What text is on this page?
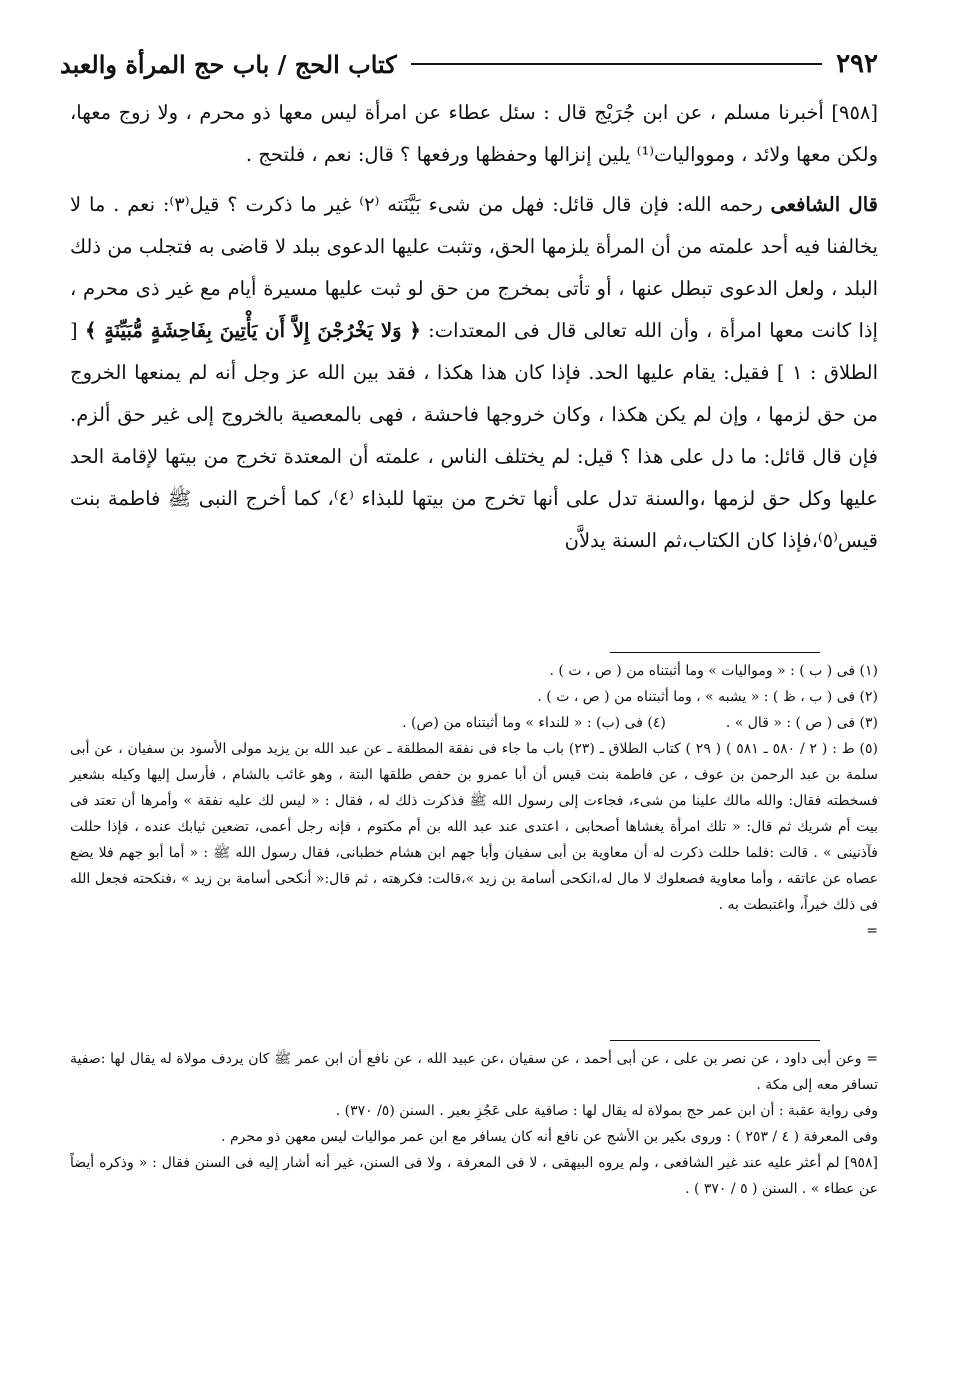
٢٩٢
كتاب الحج / باب حج المرأة والعبد

[٩٥٨] أخبرنا مسلم ، عن ابن جُرَيْج قال : سئل عطاء عن امرأة ليس معها ذو محرم ، ولا زوج معها، ولكن معها ولائد ، وموواليات⁽¹⁾ يلين إنزالها وحفظها ورفعها ؟ قال: نعم ، فلتحج .

قال الشافعى رحمه الله: فإن قال قائل: فهل من شىء بَيَّنَته ⁽٢⁾ غير ما ذكرت ؟ قيل⁽٣⁾: نعم . ما لا يخالفنا فيه أحد علمته من أن المرأة يلزمها الحق، وتثبت عليها الدعوى ببلد لا قاضى به فتجلب من ذلك البلد ، ولعل الدعوى تبطل عنها ، أو تأتى بمخرج من حق لو ثبت عليها مسيرة أيام مع غير ذى محرم ، إذا كانت معها امرأة ، وأن الله تعالى قال فى المعتدات: ﴿ وَلا يَخْرُجْنَ إِلاَّ أَن يَأْتِينَ بِفَاحِشَةٍ مُّبَيِّنَةٍ ﴾ [ الطلاق : ١ ] فقيل: يقام عليها الحد. فإذا كان هذا هكذا ، فقد بين الله عز وجل أنه لم يمنعها الخروج من حق لزمها ، وإن لم يكن هكذا ، وكان خروجها فاحشة ، فهى بالمعصية بالخروج إلى غير حق ألزم. فإن قال قائل: ما دل على هذا ؟ قيل: لم يختلف الناس ، علمته أن المعتدة تخرج من بيتها لإقامة الحد عليها وكل حق لزمها ،والسنة تدل على أنها تخرج من بيتها للبذاء ⁽٤⁾، كما أخرج النبى ﷺ فاطمة بنت قيس⁽٥⁾،فإذا كان الكتاب،ثم السنة يدلاَّن

(١) فى ( ب ) : « ومواليات » وما أثبتناه من ( ص ، ت ) .

(٢) فى ( ب ، ظ ) : « يشبه » ، وما أثبتناه من ( ص ، ت ) .

(٣) فى ( ص ) : « قال » .
(٤) فى (ب) : « للنداء » وما أثبتناه من (ص) .

(٥) ط : ( ٢ / ٥٨٠ ـ ٥٨١ ) ( ٢٩ ) كتاب الطلاق ـ (٢٣) باب ما جاء فى نفقة المطلقة ـ عن عبد الله بن يزيد مولى الأسود بن سفيان ، عن أبى سلمة بن عبد الرحمن بن عوف ، عن فاطمة بنت قيس أن أبا عمرو بن حفص طلقها البتة ، وهو غائب بالشام ، فأرسل إليها وكيله بشعير فسخطته فقال: والله مالك علينا من شىء، فجاءت إلى رسول الله ﷺ فذكرت ذلك له ، فقال : « ليس لك عليه نفقة » وأمرها أن تعتد فى بيت أم شريك ثم قال: « تلك امرأة يغشاها أصحابى ، اعتدى عند عبد الله بن أم مكتوم ، فإنه رجل أعمى، تضعين ثيابك عنده ، فإذا حللت فآذنينى » . قالت :فلما حللت ذكرت له أن معاوية بن أبى سفيان وأبا جهم ابن هشام خطبانى، فقال رسول الله ﷺ : « أما أبو جهم فلا يضع عصاه عن عاتقه ، وأما معاوية فصعلوك لا مال له،انكحى أسامة بن زيد »،قالت: فكرهته ، ثم قال:« أنكحى أسامة بن زيد » ،فنكحته فجعل الله فى ذلك خيراً، واغتبطت به .

=

= وعن أبى داود ، عن نصر بن على ، عن أبى أحمد ، عن سفيان ،عن عبيد الله ، عن نافع أن ابن عمر ﷺ كان يردف مولاة له يقال لها :صفية تسافر معه إلى مكة .

وفى رواية عقبة : أن ابن عمر حج بمولاة له يقال لها : صافية على عَجُزِ بعير . السنن (٥/ ٣٧٠) .

وفى المعرفة ( ٤ / ٢٥٣ ) : وروى بكير بن الأشج عن نافع أنه كان يسافر مع ابن عمر مواليات ليس معهن ذو محرم .

[٩٥٨] لم أعثر عليه عند غير الشافعى ، ولم يروه البيهقى ، لا فى المعرفة ، ولا فى السنن، غير أنه أشار إليه فى السنن فقال : « وذكره أيضاً عن عطاء » . السنن ( ٥ / ٣٧٠ ) .
